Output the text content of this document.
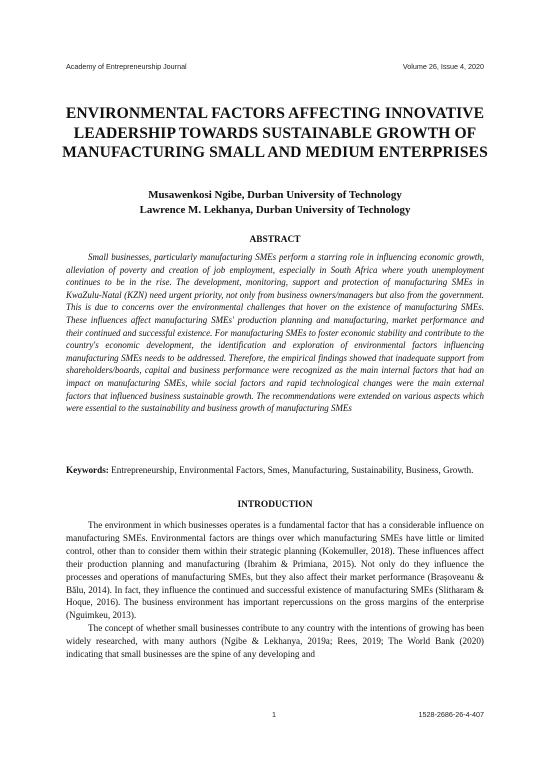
Academy of Entrepreneurship Journal	Volume 26, Issue 4, 2020
ENVIRONMENTAL FACTORS AFFECTING INNOVATIVE LEADERSHIP TOWARDS SUSTAINABLE GROWTH OF MANUFACTURING SMALL AND MEDIUM ENTERPRISES
Musawenkosi Ngibe, Durban University of Technology
Lawrence M. Lekhanya, Durban University of Technology
ABSTRACT

Small businesses, particularly manufacturing SMEs perform a starring role in influencing economic growth, alleviation of poverty and creation of job employment, especially in South Africa where youth unemployment continues to be in the rise. The development, monitoring, support and protection of manufacturing SMEs in KwaZulu-Natal (KZN) need urgent priority, not only from business owners/managers but also from the government. This is due to concerns over the environmental challenges that hover on the existence of manufacturing SMEs. These influences affect manufacturing SMEs' production planning and manufacturing, market performance and their continued and successful existence. For manufacturing SMEs to foster economic stability and contribute to the country's economic development, the identification and exploration of environmental factors influencing manufacturing SMEs needs to be addressed. Therefore, the empirical findings showed that inadequate support from shareholders/boards, capital and business performance were recognized as the main internal factors that had an impact on manufacturing SMEs, while social factors and rapid technological changes were the main external factors that influenced business sustainable growth. The recommendations were extended on various aspects which were essential to the sustainability and business growth of manufacturing SMEs

Keywords: Entrepreneurship, Environmental Factors, Smes, Manufacturing, Sustainability, Business, Growth.

INTRODUCTION

The environment in which businesses operates is a fundamental factor that has a considerable influence on manufacturing SMEs. Environmental factors are things over which manufacturing SMEs have little or limited control, other than to consider them within their strategic planning (Kokemuller, 2018). These influences affect their production planning and manufacturing (Ibrahim & Primiana, 2015). Not only do they influence the processes and operations of manufacturing SMEs, but they also affect their market performance (Brașoveanu & Bălu, 2014). In fact, they influence the continued and successful existence of manufacturing SMEs (Slitharam & Hoque, 2016). The business environment has important repercussions on the gross margins of the enterprise (Nguimkeu, 2013).

The concept of whether small businesses contribute to any country with the intentions of growing has been widely researched, with many authors (Ngibe & Lekhanya, 2019a; Rees, 2019; The World Bank (2020) indicating that small businesses are the spine of any developing and

1	1528-2686-26-4-407
